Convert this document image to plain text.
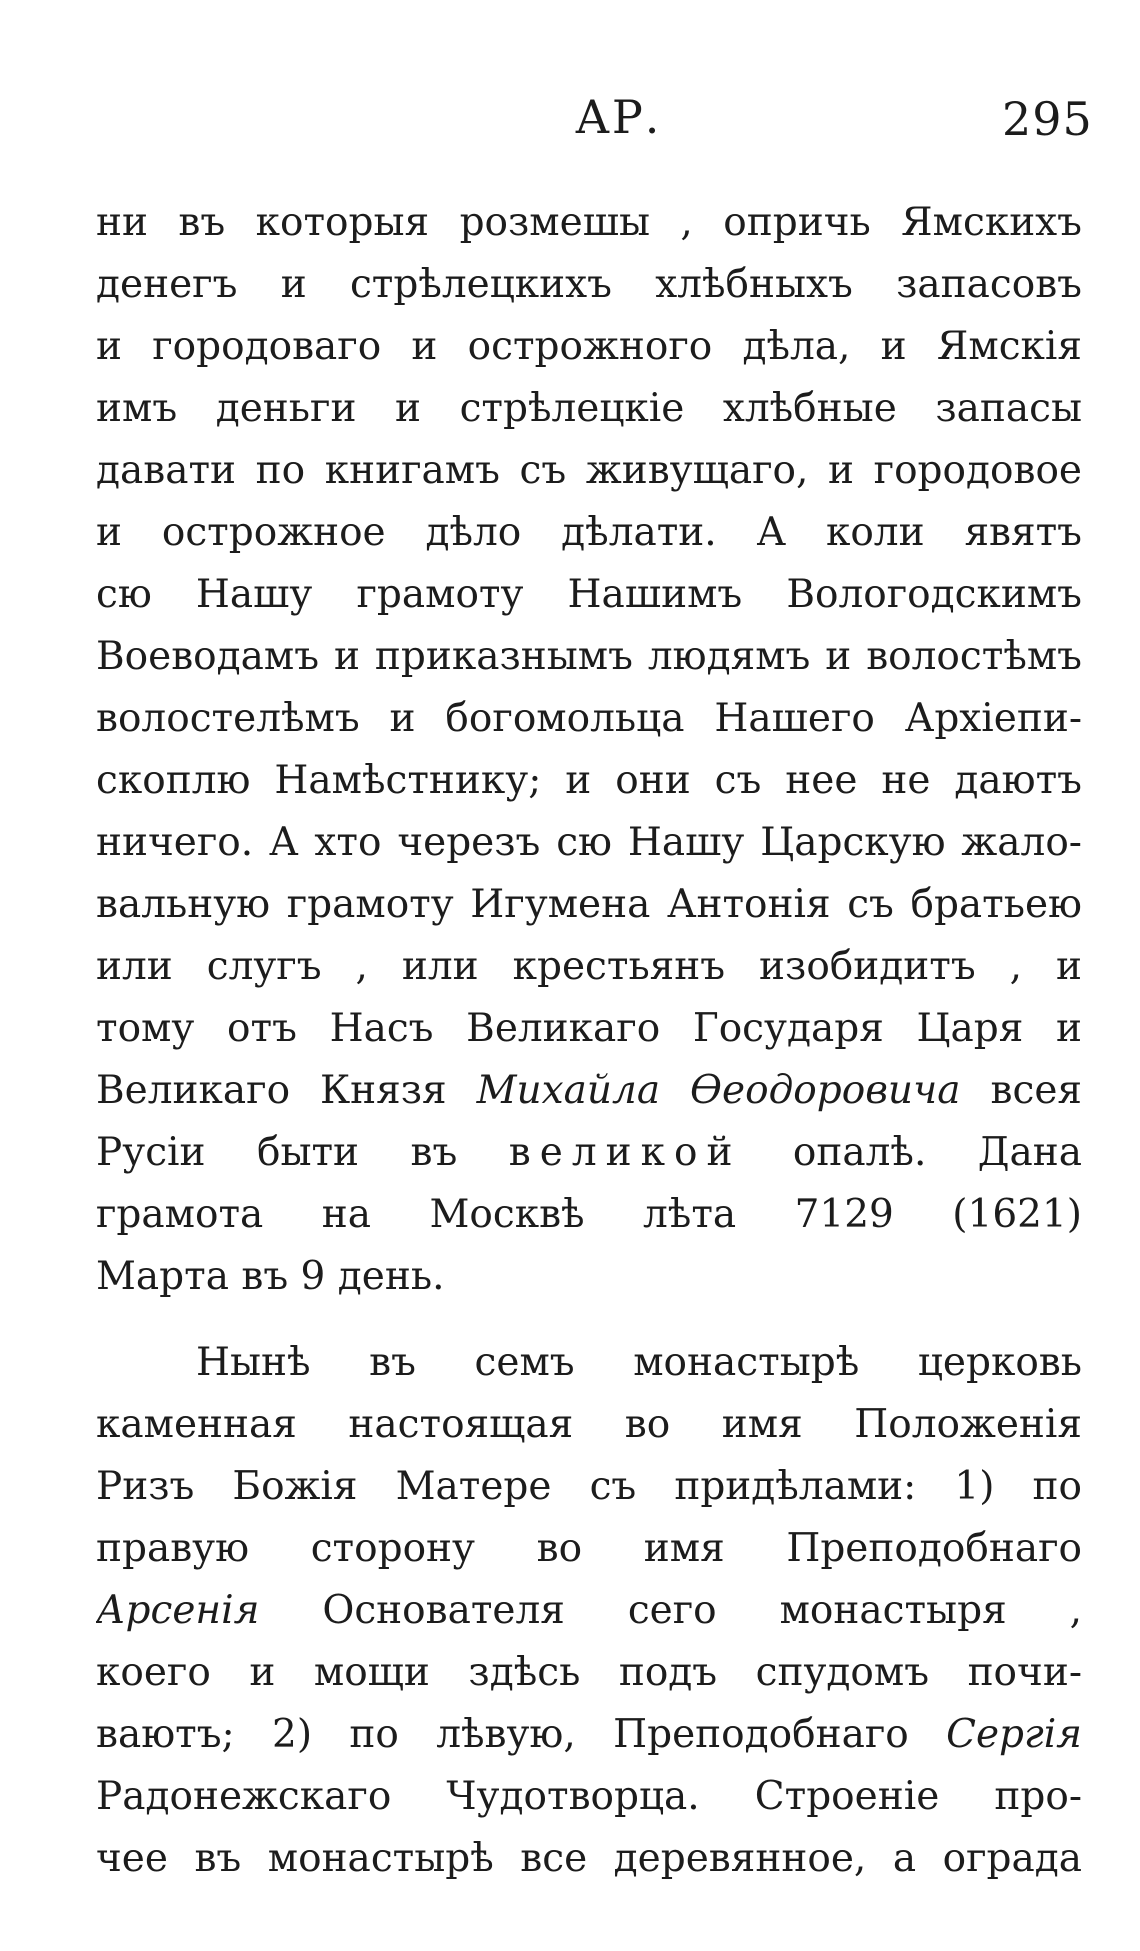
АР.	295
ни въ которыя розмешы , опричь Ямскихъ
денегъ и стрѣлецкихъ хлѣбныхъ запасовъ
и городоваго и острожного дѣла, и Ямскія
имъ деньги и стрѣлецкіе хлѣбные запасы
давати по книгамъ съ живущаго, и городовое
и острожное дѣло дѣлати. А коли явятъ
сю Нашу грамоту Нашимъ Вологодскимъ
Воеводамъ и приказнымъ людямъ и волостѣмъ
волостелѣмъ и богомольца Нашего Архіепи-
скоплю Намѣстнику; и они съ нее не даютъ
ничего. А хто черезъ сю Нашу Царскую жало-
вальную грамоту Игумена Антонія съ братьею
или слугъ , или крестьянъ изобидитъ , и
тому отъ Насъ Великаго Государя Царя и
Великаго Князя Михайла Ѳеодоровича всея
Русіи быти въ великой опалѣ. Дана
грамота на Москвѣ лѣта 7129 (1621)
Марта въ 9 день.
Нынѣ въ семъ монастырѣ церковь
каменная настоящая во имя Положенія
Ризъ Божія Матере съ придѣлами: 1) по
правую сторону во имя Преподобнаго
Арсенія Основателя сего монастыря ,
коего и мощи здѣсь подъ спудомъ почи-
ваютъ; 2) по лѣвую, Преподобнаго Сергія
Радонежскаго Чудотворца. Строеніе про-
чее въ монастырѣ все деревянное, а ограда
